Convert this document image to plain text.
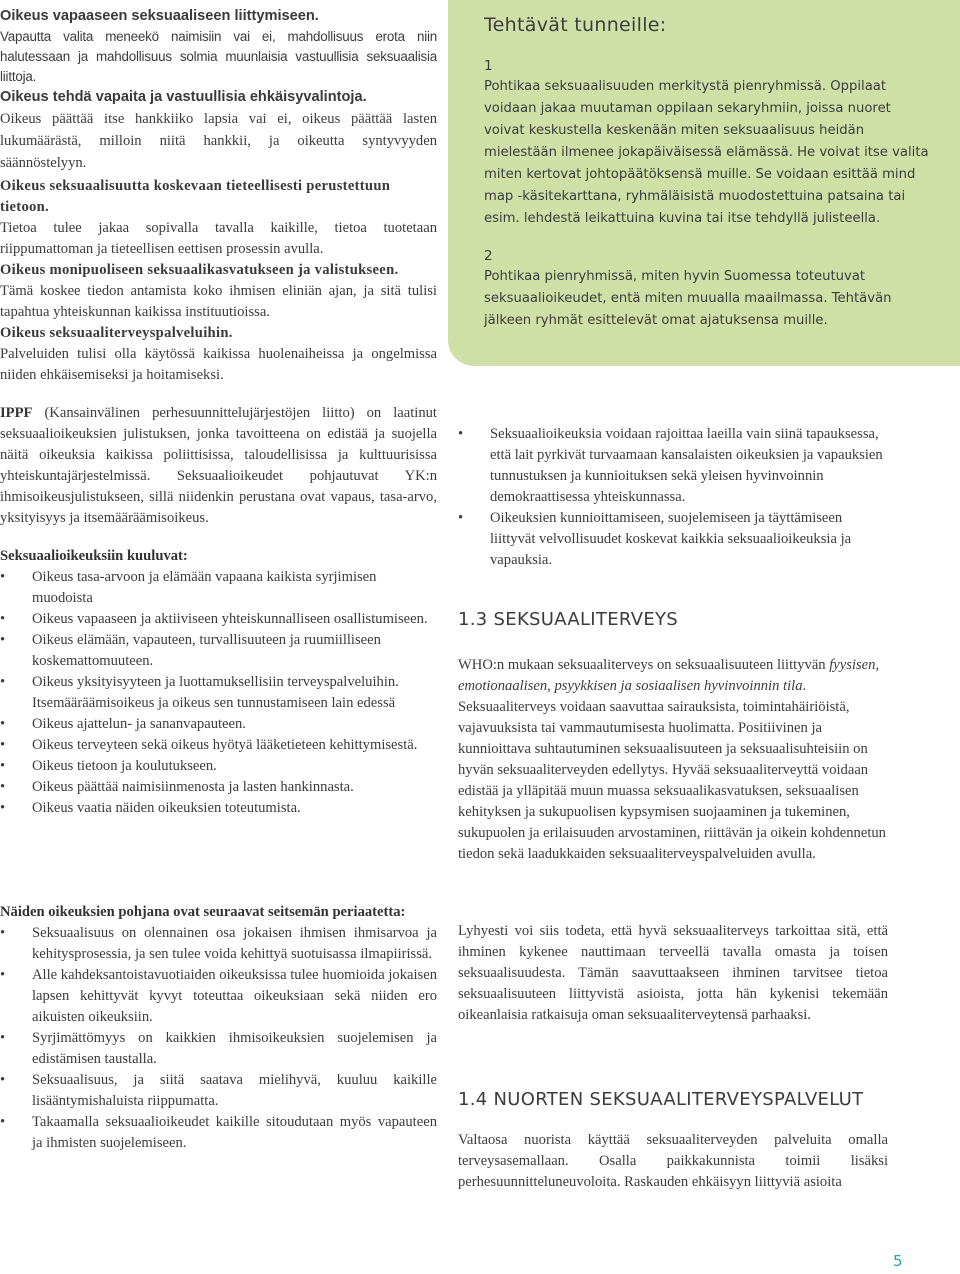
Oikeus vapaaseen seksuaaliseen liittymiseen.

Vapautta valita meneekö naimisiin vai ei, mahdollisuus erota niin halutessaan ja mahdollisuus solmia muunlaisia vastuullisia seksuaalisia liittoja.

Oikeus tehdä vapaita ja vastuullisia ehkäisyvalintoja.

Oikeus päättää itse hankkiiko lapsia vai ei, oikeus päättää lasten lukumäärästä, milloin niitä hankkii, ja oikeutta syntyvyyden säännöstelyyn.

Oikeus seksuaalisuutta koskevaan tieteellisesti perustettuun tietoon.

Tietoa tulee jakaa sopivalla tavalla kaikille, tietoa tuotetaan riippumattoman ja tieteellisen eettisen prosessin avulla.

Oikeus monipuoliseen seksuaalikasvatukseen ja valistukseen.

Tämä koskee tiedon antamista koko ihmisen eliniän ajan, ja sitä tulisi tapahtua yhteiskunnan kaikissa instituutioissa.

Oikeus seksuaaliterveyspalveluihin.

Palveluiden tulisi olla käytössä kaikissa huolenaiheissa ja ongelmissa niiden ehkäisemiseksi ja hoitamiseksi.

Tehtävät tunneille:
1
Pohtikaa seksuaalisuuden merkitystä pienryhmissä. Oppilaat voidaan jakaa muutaman oppilaan sekaryhmiin, joissa nuoret voivat keskustella keskenään miten seksuaalisuus heidän mielestään ilmenee jokapäiväisessä elämässä. He voivat itse valita miten kertovat johtopäätöksensä muille. Se voidaan esittää mind map -käsitekarttana, ryhmäläisistä muodostettuina patsaina tai esim. lehdestä leikattuina kuvina tai itse tehdyllä julisteella.
2
Pohtikaa pienryhmissä, miten hyvin Suomessa toteutuvat seksuaalioikeudet, entä miten muualla maailmassa. Tehtävän jälkeen ryhmät esittelevät omat ajatuksensa muille.
IPPF (Kansainvälinen perhesuunnittelujärjestöjen liitto) on laatinut seksuaalioikeuksien julistuksen, jonka tavoitteena on edistää ja suojella näitä oikeuksia kaikissa poliittisissa, taloudellisissa ja kulttuurisissa yhteiskuntajärjestelmissä. Seksuaalioikeudet pohjautuvat YK:n ihmisoikeusjulistukseen, sillä niidenkin perustana ovat vapaus, tasa-arvo, yksityisyys ja itsemääräämisoikeus.

Seksuaalioikeuksiin kuuluvat:

• Oikeus tasa-arvoon ja elämään vapaana kaikista syrjimisen muodoista
• Oikeus vapaaseen ja aktiiviseen yhteiskunnalliseen osallistumiseen.
• Oikeus elämään, vapauteen, turvallisuuteen ja ruumiilliseen koskemattomuuteen.
• Oikeus yksityisyyteen ja luottamuksellisiin terveyspalveluihin. Itsemääräämisoikeus ja oikeus sen tunnustamiseen lain edessä
• Oikeus ajattelun- ja sananvapauteen.
• Oikeus terveyteen sekä oikeus hyötyä lääketieteen kehittymisestä.
• Oikeus tietoon ja koulutukseen.
• Oikeus päättää naimisiinmenosta ja lasten hankinnasta.
• Oikeus vaatia näiden oikeuksien toteutumista.

Näiden oikeuksien pohjana ovat seuraavat seitsemän periaatetta:

• Seksuaalisuus on olennainen osa jokaisen ihmisen ihmisarvoa ja kehitysprosessia, ja sen tulee voida kehittyä suotuisassa ilmapiirissä.
• Alle kahdeksantoistavuotiaiden oikeuksissa tulee huomioida jokaisen lapsen kehittyvät kyvyt toteuttaa oikeuksiaan sekä niiden ero aikuisten oikeuksiin.
• Syrjimättömyys on kaikkien ihmisoikeuksien suojelemisen ja edistämisen taustalla.
• Seksuaalisuus, ja siitä saatava mielihyvä, kuuluu kaikille lisääntymishaluista riippumatta.
• Takaamalla seksuaalioikeudet kaikille sitoudutaan myös vapauteen ja ihmisten suojelemiseen.
• Seksuaalioikeuksia voidaan rajoittaa laeilla vain siinä tapauksessa, että lait pyrkivät turvaamaan kansalaisten oikeuksien ja vapauksien tunnustuksen ja kunnioituksen sekä yleisen hyvinvoinnin demokraattisessa yhteiskunnassa.
• Oikeuksien kunnioittamiseen, suojelemiseen ja täyttämiseen liittyvät velvollisuudet koskevat kaikkia seksuaalioikeuksia ja vapauksia.
1.3 SEKSUAALITERVEYS
WHO:n mukaan seksuaaliterveys on seksuaalisuuteen liittyvän fyysisen, emotionaalisen, psyykkisen ja sosiaalisen hyvinvoinnin tila. Seksuaaliterveys voidaan saavuttaa sairauksista, toimintahäiriöistä, vajavuuksista tai vammautumisesta huolimatta. Positiivinen ja kunnioittava suhtautuminen seksuaalisuuteen ja seksuaalisuhteisiin on hyvän seksuaaliterveyden edellytys. Hyvää seksuaaliterveyttä voidaan edistää ja ylläpitää muun muassa seksuaalikasvatuksen, seksuaalisen kehityksen ja sukupuolisen kypsymisen suojaaminen ja tukeminen, sukupuolen ja erilaisuuden arvostaminen, riittävän ja oikein kohdennetun tiedon sekä laadukkaiden seksuaaliterveyspalveluiden avulla.
Lyhyesti voi siis todeta, että hyvä seksuaaliterveys tarkoittaa sitä, että ihminen kykenee nauttimaan terveellä tavalla omasta ja toisen seksuaalisuudesta. Tämän saavuttaakseen ihminen tarvitsee tietoa seksuaalisuuteen liittyvistä asioista, jotta hän kykenisi tekemään oikeanlaisia ratkaisuja oman seksuaaliterveytensä parhaaksi.
1.4 NUORTEN SEKSUAALITERVEYSPALVELUT
Valtaosa nuorista käyttää seksuaaliterveyden palveluita omalla terveysasemallaan. Osalla paikkakunnista toimii lisäksi perhesuunnitteluneuvoloita. Raskauden ehkäisyyn liittyviä asioita
5
